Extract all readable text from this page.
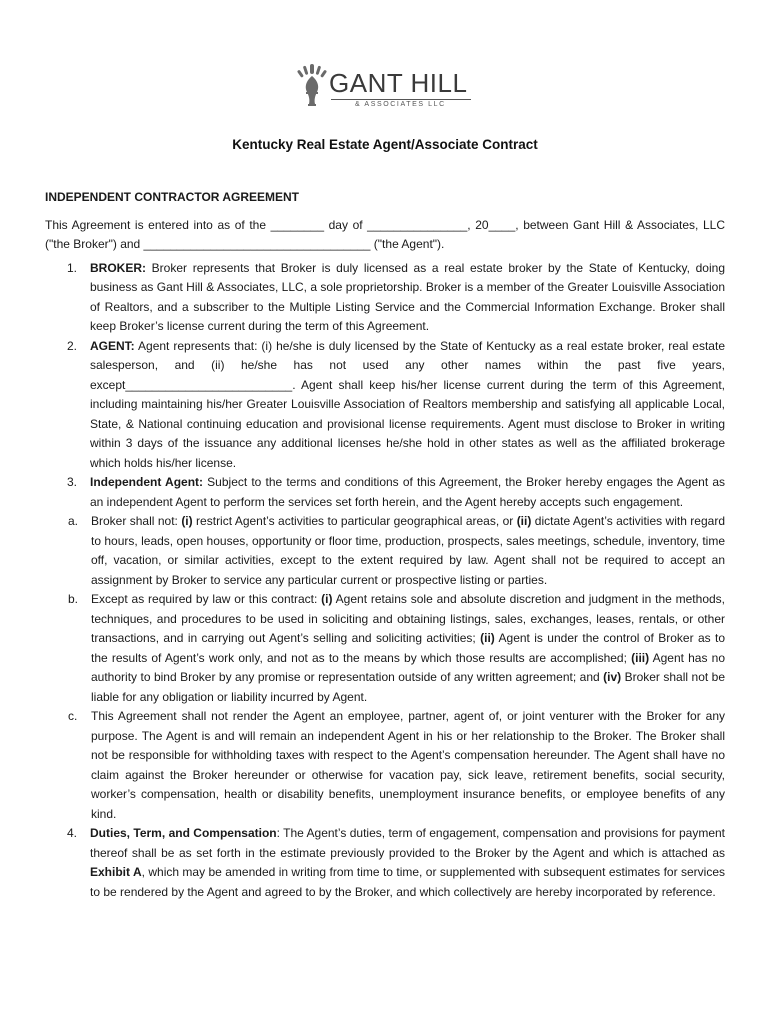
GANT HILL
& ASSOCIATES LLC
Kentucky Real Estate Agent/Associate Contract
INDEPENDENT CONTRACTOR AGREEMENT

This Agreement is entered into as of the ________ day of _______________, 20____, between Gant Hill & Associates, LLC ("the Broker") and __________________________________ ("the Agent").

1. BROKER: Broker represents that Broker is duly licensed as a real estate broker by the State of Kentucky, doing business as Gant Hill & Associates, LLC, a sole proprietorship. Broker is a member of the Greater Louisville Association of Realtors, and a subscriber to the Multiple Listing Service and the Commercial Information Exchange. Broker shall keep Broker’s license current during the term of this Agreement.
2. AGENT: Agent represents that: (i) he/she is duly licensed by the State of Kentucky as a real estate broker, real estate salesperson, and (ii) he/she has not used any other names within the past five years, except_________________________. Agent shall keep his/her license current during the term of this Agreement, including maintaining his/her Greater Louisville Association of Realtors membership and satisfying all applicable Local, State, & National continuing education and provisional license requirements. Agent must disclose to Broker in writing within 3 days of the issuance any additional licenses he/she hold in other states as well as the affiliated brokerage which holds his/her license.
3. Independent Agent: Subject to the terms and conditions of this Agreement, the Broker hereby engages the Agent as an independent Agent to perform the services set forth herein, and the Agent hereby accepts such engagement.
a. Broker shall not: (i) restrict Agent’s activities to particular geographical areas, or (ii) dictate Agent’s activities with regard to hours, leads, open houses, opportunity or floor time, production, prospects, sales meetings, schedule, inventory, time off, vacation, or similar activities, except to the extent required by law. Agent shall not be required to accept an assignment by Broker to service any particular current or prospective listing or parties.
b. Except as required by law or this contract: (i) Agent retains sole and absolute discretion and judgment in the methods, techniques, and procedures to be used in soliciting and obtaining listings, sales, exchanges, leases, rentals, or other transactions, and in carrying out Agent’s selling and soliciting activities; (ii) Agent is under the control of Broker as to the results of Agent’s work only, and not as to the means by which those results are accomplished; (iii) Agent has no authority to bind Broker by any promise or representation outside of any written agreement; and (iv) Broker shall not be liable for any obligation or liability incurred by Agent.
c. This Agreement shall not render the Agent an employee, partner, agent of, or joint venturer with the Broker for any purpose. The Agent is and will remain an independent Agent in his or her relationship to the Broker. The Broker shall not be responsible for withholding taxes with respect to the Agent’s compensation hereunder. The Agent shall have no claim against the Broker hereunder or otherwise for vacation pay, sick leave, retirement benefits, social security, worker’s compensation, health or disability benefits, unemployment insurance benefits, or employee benefits of any kind.
4. Duties, Term, and Compensation: The Agent’s duties, term of engagement, compensation and provisions for payment thereof shall be as set forth in the estimate previously provided to the Broker by the Agent and which is attached as Exhibit A, which may be amended in writing from time to time, or supplemented with subsequent estimates for services to be rendered by the Agent and agreed to by the Broker, and which collectively are hereby incorporated by reference.
